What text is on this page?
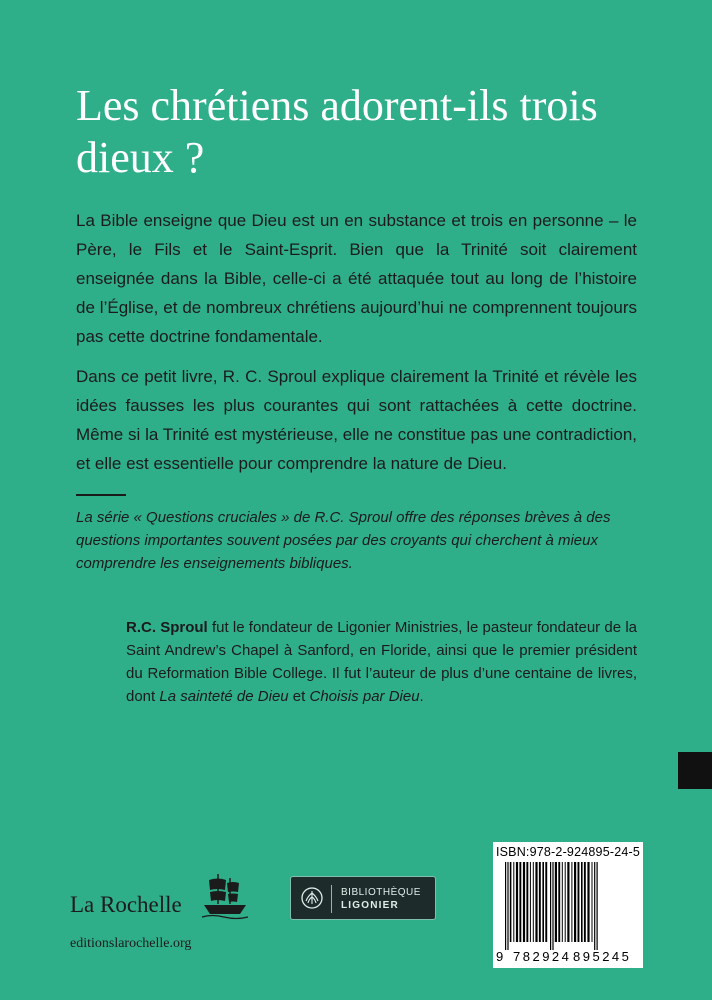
Les chrétiens adorent-ils trois dieux ?

La Bible enseigne que Dieu est un en substance et trois en personne – le Père, le Fils et le Saint-Esprit. Bien que la Trinité soit clairement enseignée dans la Bible, celle-ci a été attaquée tout au long de l’histoire de l’Église, et de nombreux chrétiens aujourd’hui ne comprennent toujours pas cette doctrine fondamentale.

Dans ce petit livre, R. C. Sproul explique clairement la Trinité et révèle les idées fausses les plus courantes qui sont rattachées à cette doctrine. Même si la Trinité est mystérieuse, elle ne constitue pas une contradiction, et elle est essentielle pour comprendre la nature de Dieu.

La série « Questions cruciales » de R.C. Sproul offre des réponses brèves à des questions importantes souvent posées par des croyants qui cherchent à mieux comprendre les enseignements bibliques.

R.C. Sproul fut le fondateur de Ligonier Ministries, le pasteur fondateur de la Saint Andrew’s Chapel à Sanford, en Floride, ainsi que le premier président du Reformation Bible College. Il fut l’auteur de plus d’une centaine de livres, dont La sainteté de Dieu et Choisis par Dieu.

La Rochelle
editionslarochelle.org
BIBLIOTHÈQUE
LIGONIER
ISBN:978-2-924895-24-5
9 782924 895245
